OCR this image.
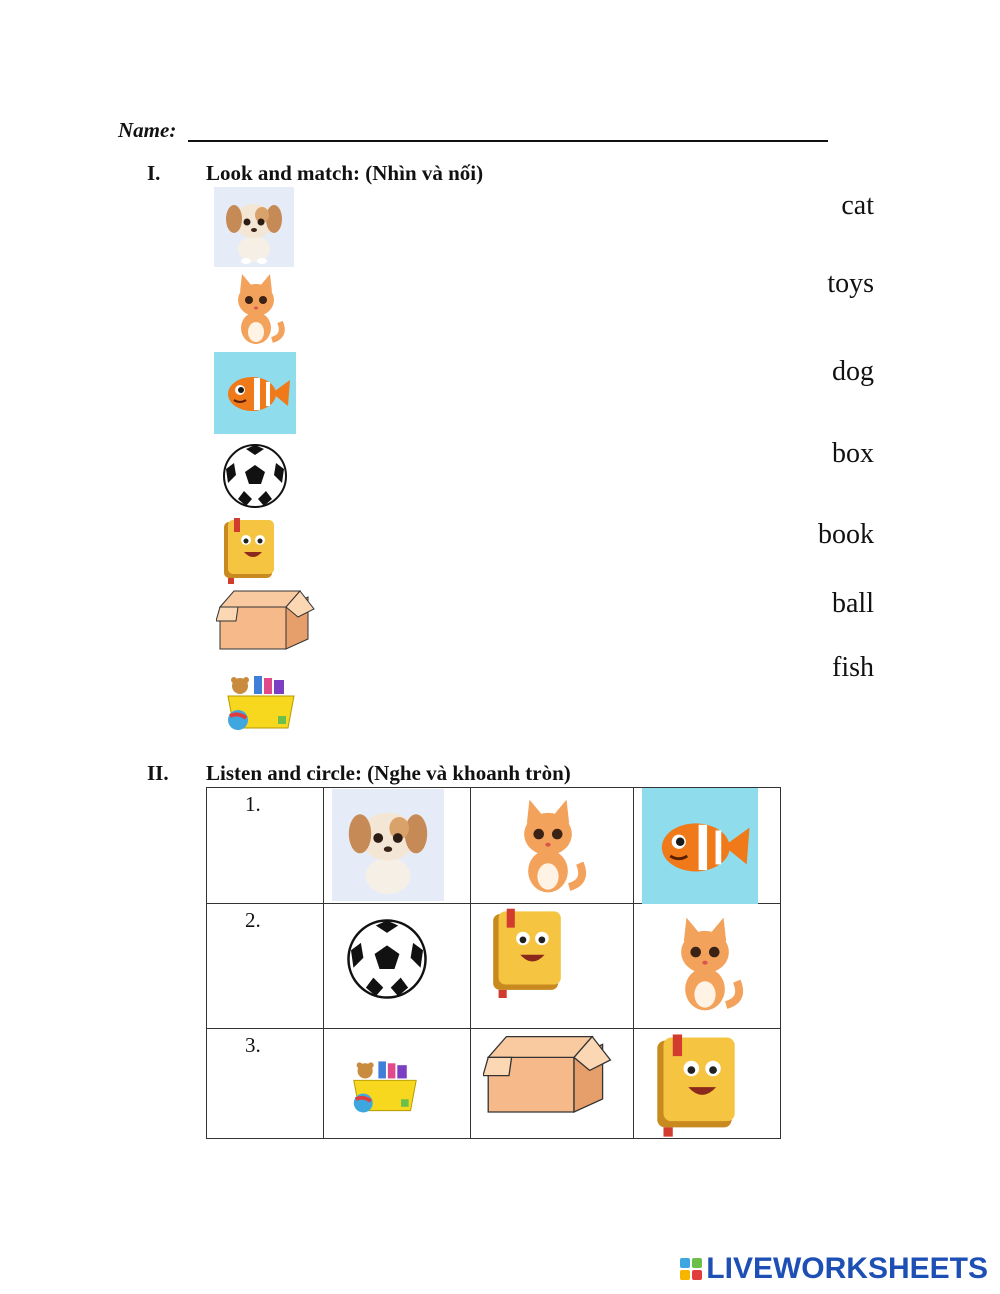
Name:
I. Look and match: (Nhìn và nối)
cat
toys
dog
box
book
ball
fish
II. Listen and circle: (Nghe và khoanh tròn)
1.

2.

3.

LIVEWORKSHEETS
